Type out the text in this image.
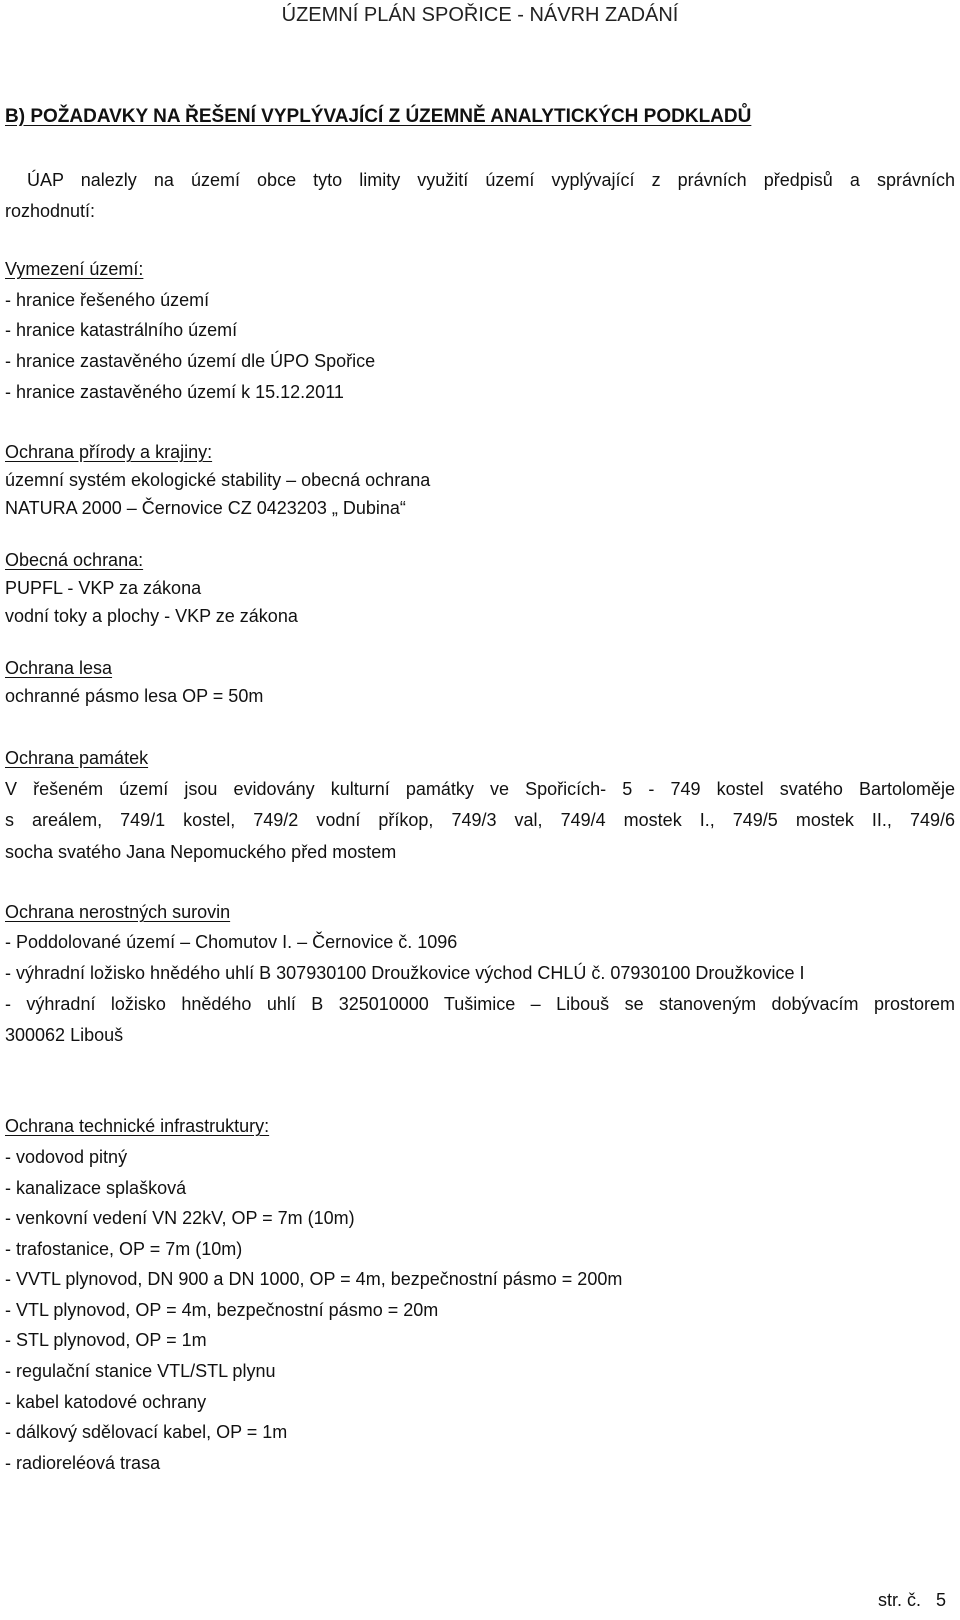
ÚZEMNÍ PLÁN SPOŘICE - NÁVRH ZADÁNÍ
B) POŽADAVKY NA ŘEŠENÍ VYPLÝVAJÍCÍ Z ÚZEMNĚ ANALYTICKÝCH PODKLADŮ
ÚAP nalezly na území obce tyto limity využití území vyplývající z právních předpisů a správních
rozhodnutí:
Vymezení území:
- hranice řešeného území
- hranice katastrálního území
- hranice zastavěného území dle ÚPO Spořice
- hranice zastavěného území k 15.12.2011
Ochrana přírody a krajiny:
územní systém ekologické stability – obecná ochrana
NATURA 2000 – Černovice CZ 0423203 „ Dubina“
Obecná ochrana:
PUPFL - VKP za zákona
vodní toky a plochy - VKP ze zákona
Ochrana lesa
ochranné pásmo lesa OP = 50m
Ochrana památek
V řešeném území jsou evidovány kulturní památky ve Spořicích- 5 - 749 kostel svatého Bartoloměje
s areálem, 749/1 kostel, 749/2 vodní příkop, 749/3 val, 749/4 mostek I., 749/5 mostek II., 749/6
socha svatého Jana Nepomuckého před mostem
Ochrana nerostných surovin
- Poddolované území – Chomutov I. – Černovice č. 1096
- výhradní ložisko hnědého uhlí B 307930100 Droužkovice východ CHLÚ č. 07930100 Droužkovice I
- výhradní ložisko hnědého uhlí B 325010000 Tušimice – Libouš se stanoveným dobývacím prostorem
300062 Libouš
Ochrana technické infrastruktury:
- vodovod pitný
- kanalizace splašková
- venkovní vedení VN 22kV, OP = 7m (10m)
- trafostanice, OP = 7m (10m)
- VVTL plynovod, DN 900 a DN 1000, OP = 4m, bezpečnostní pásmo = 200m
- VTL plynovod, OP = 4m, bezpečnostní pásmo = 20m
- STL plynovod, OP = 1m
- regulační stanice VTL/STL plynu
- kabel katodové ochrany
- dálkový sdělovací kabel, OP = 1m
- radioreléová trasa
str. č.   5
